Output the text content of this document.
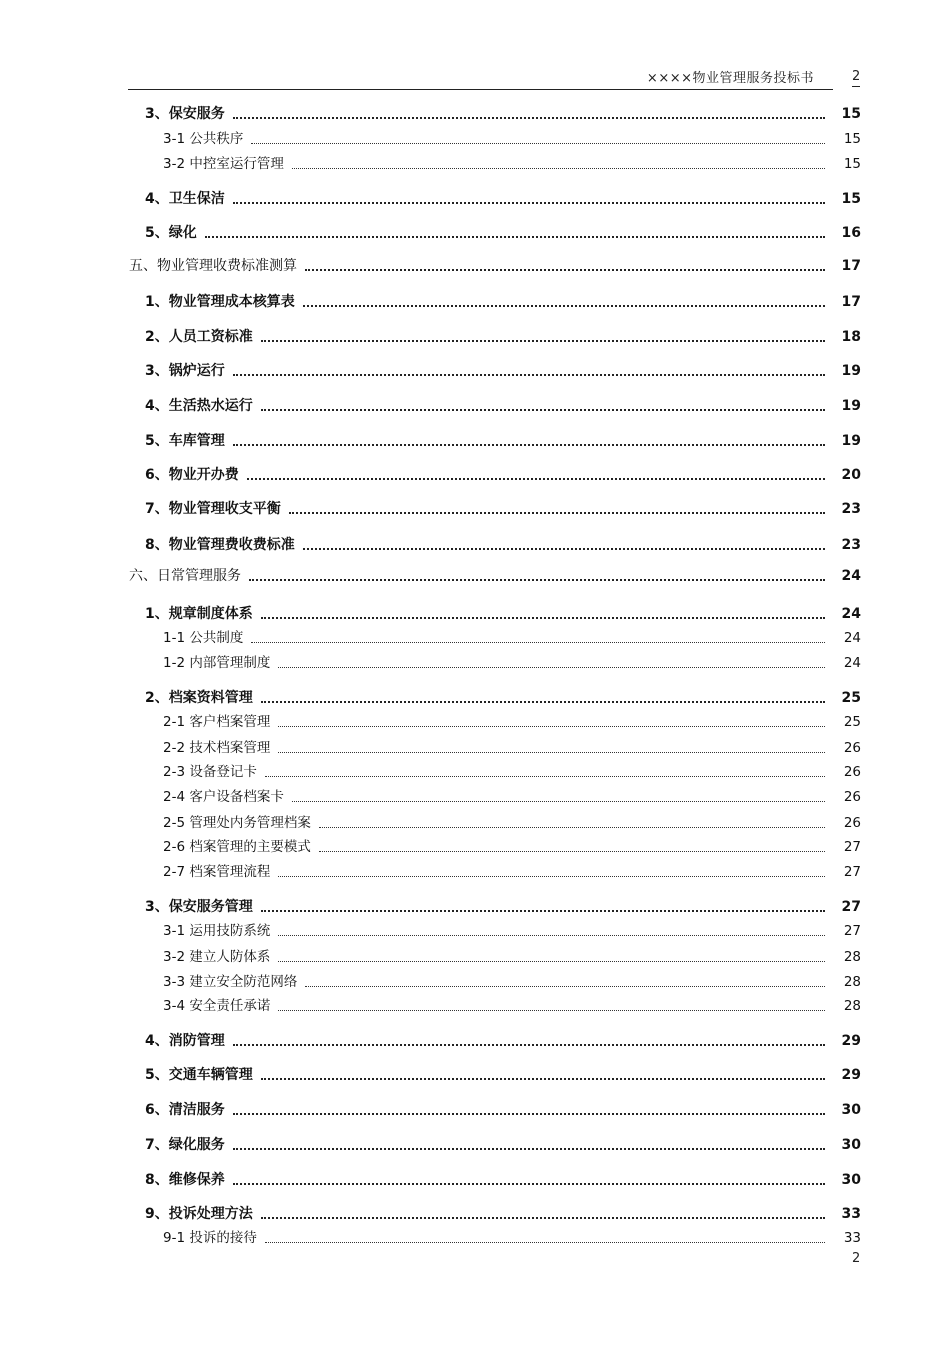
××××物业管理服务投标书	2
3、保安服务	15
3-1 公共秩序	15
3-2 中控室运行管理	15
4、卫生保洁	15
5、绿化	16
五、物业管理收费标准测算	17
1、物业管理成本核算表	17
2、人员工资标准	18
3、锅炉运行	19
4、生活热水运行	19
5、车库管理	19
6、物业开办费	20
7、物业管理收支平衡	23
8、物业管理费收费标准	23
六、日常管理服务	24
1、规章制度体系	24
1-1 公共制度	24
1-2 内部管理制度	24
2、档案资料管理	25
2-1 客户档案管理	25
2-2 技术档案管理	26
2-3 设备登记卡	26
2-4 客户设备档案卡	26
2-5 管理处内务管理档案	26
2-6 档案管理的主要模式	27
2-7 档案管理流程	27
3、保安服务管理	27
3-1 运用技防系统	27
3-2 建立人防体系	28
3-3 建立安全防范网络	28
3-4 安全责任承诺	28
4、消防管理	29
5、交通车辆管理	29
6、清洁服务	30
7、绿化服务	30
8、维修保养	30
9、投诉处理方法	33
9-1 投诉的接待	33
2
